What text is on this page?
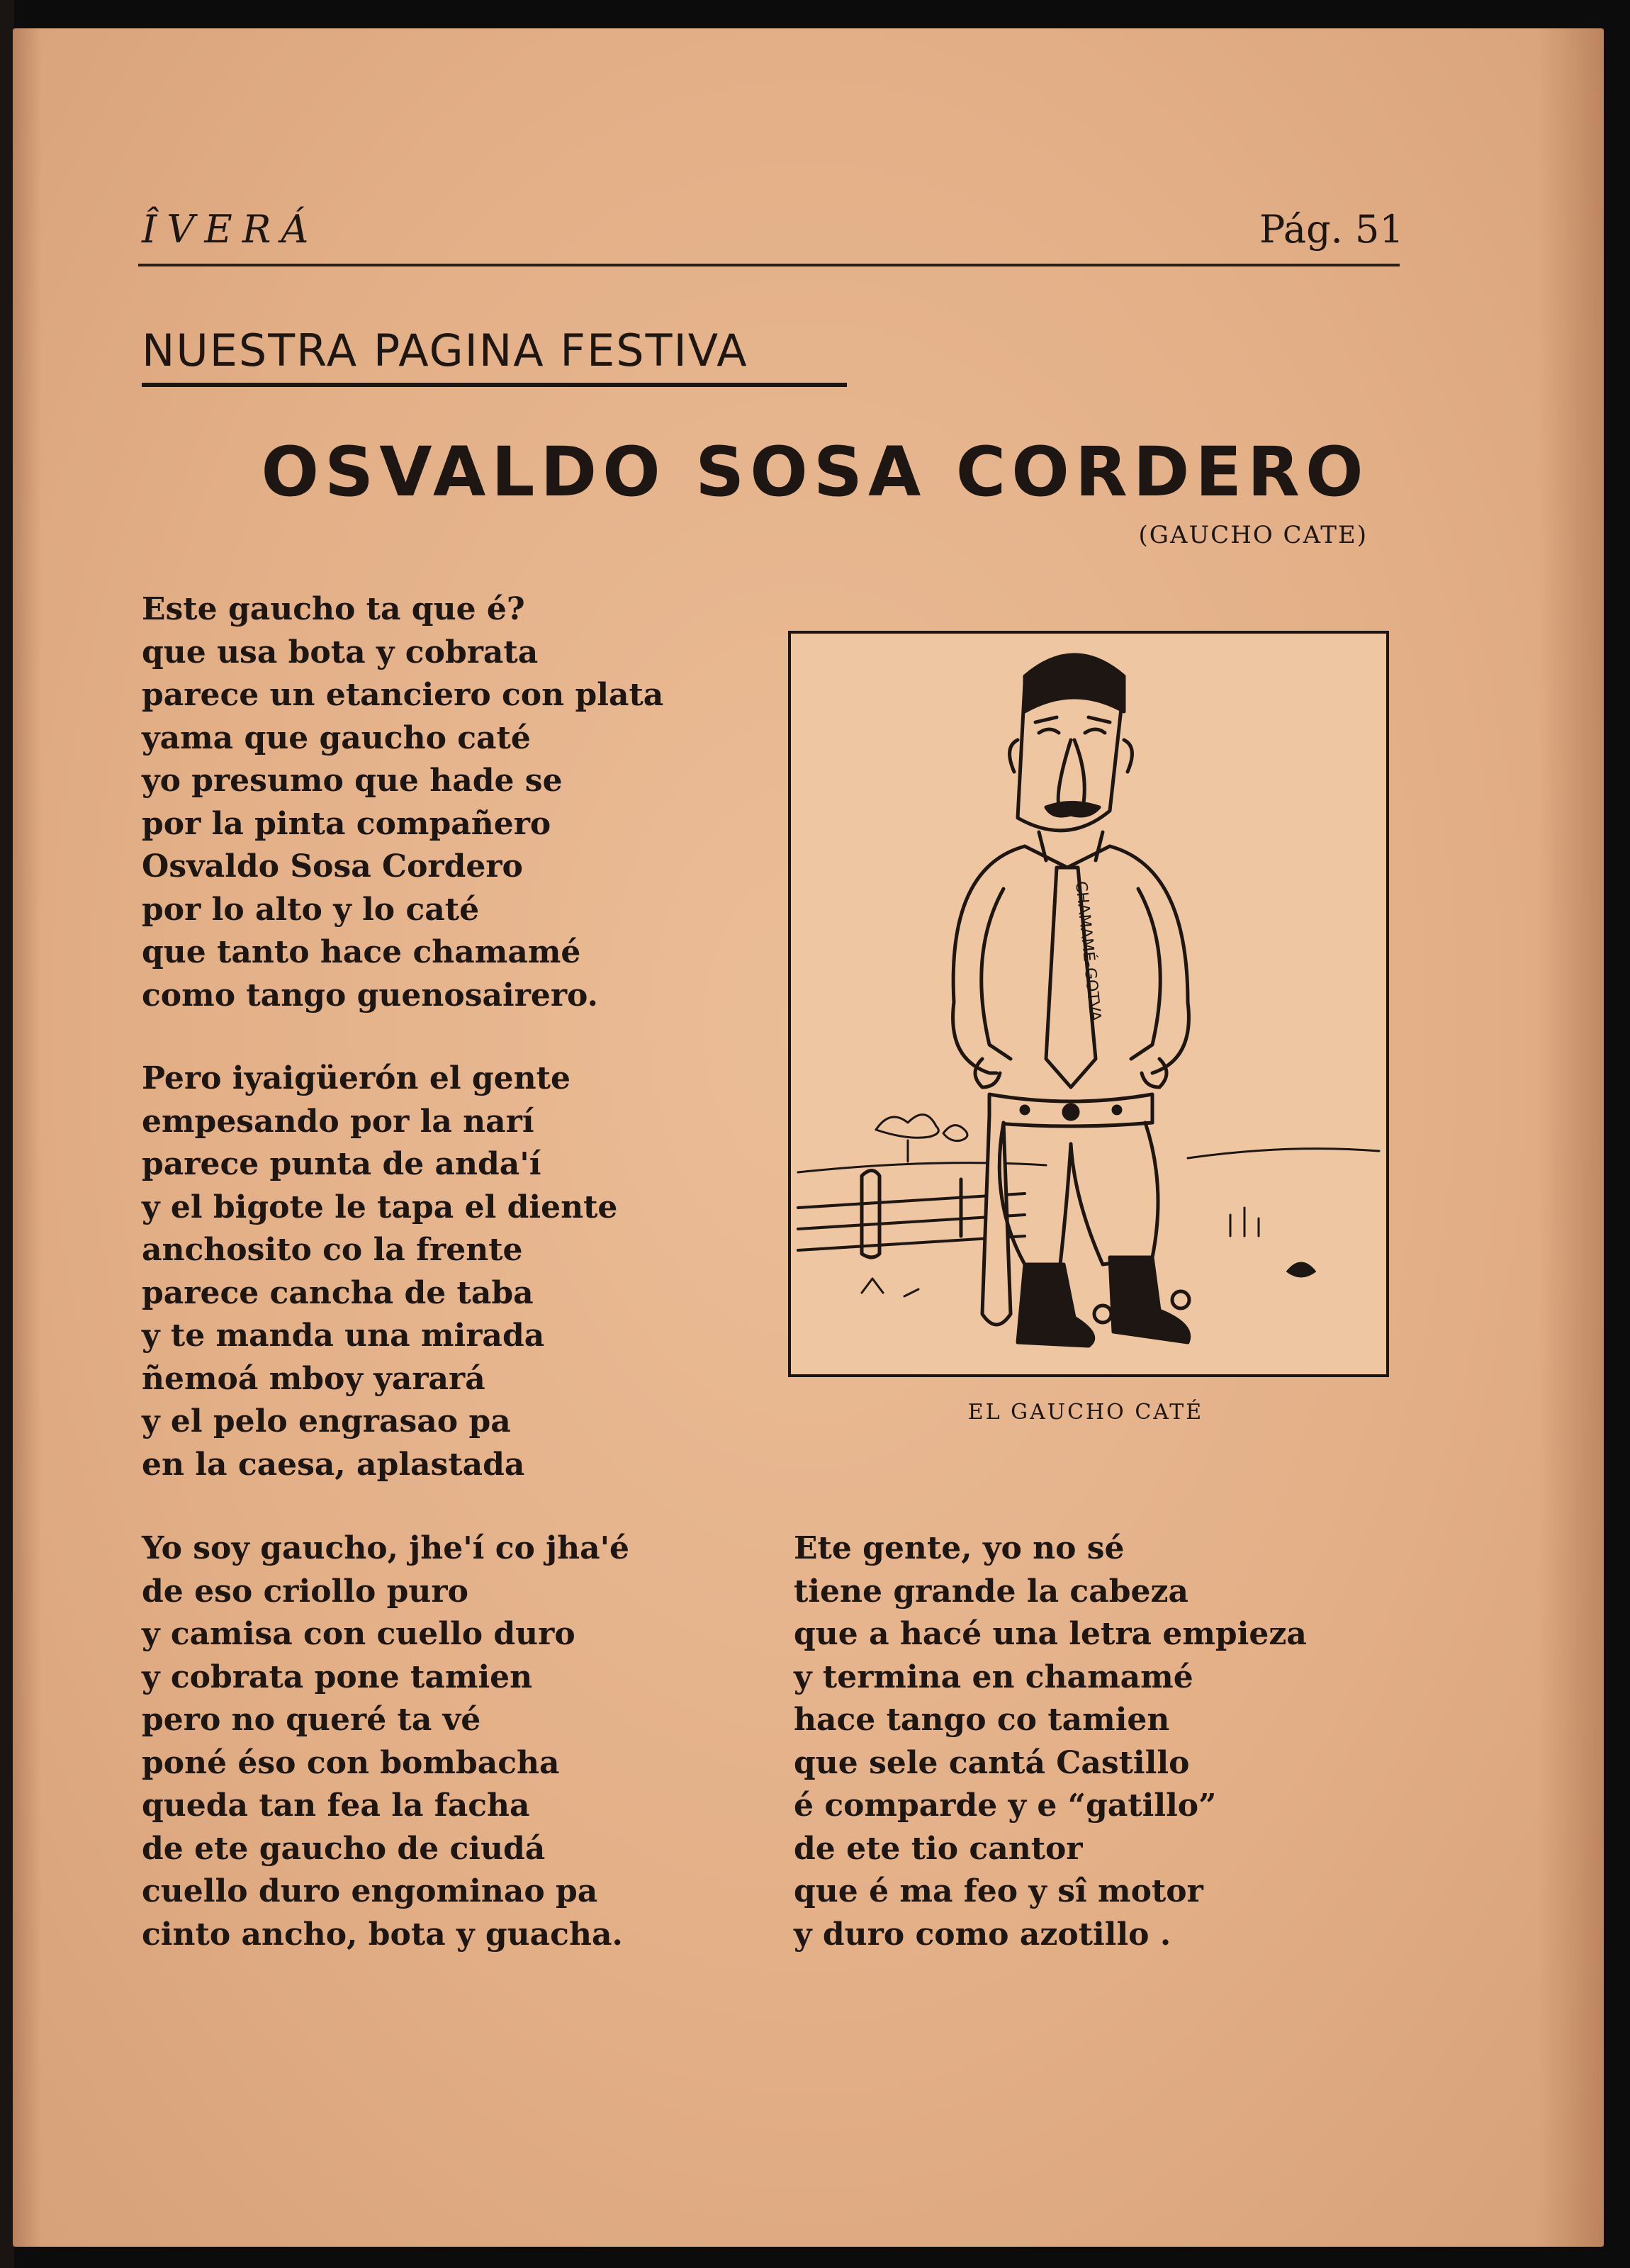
ÎVERÁ	Pág. 51
NUESTRA PAGINA FESTIVA
OSVALDO SOSA CORDERO
(GAUCHO CATE)
Este gaucho ta que é?
que usa bota y cobrata
parece un etanciero con plata
yama que gaucho caté
yo presumo que hade se
por la pinta compañero
Osvaldo Sosa Cordero
por lo alto y lo caté
que tanto hace chamamé
como tango guenosairero.
Pero iyaigüerón el gente
empesando por la narí
parece punta de anda'í
y el bigote le tapa el diente
anchosito co la frente
parece cancha de taba
y te manda una mirada
ñemoá mboy yarará
y el pelo engrasao pa
en la caesa, aplastada
Yo soy gaucho, jhe'í co jha'é
de eso criollo puro
y camisa con cuello duro
y cobrata pone tamien
pero no queré ta vé
poné éso con bombacha
queda tan fea la facha
de ete gaucho de ciudá
cuello duro engominao pa
cinto ancho, bota y guacha.
Ete gente, yo no sé
tiene grande la cabeza
que a hacé una letra empieza
y termina en chamamé
hace tango co tamien
que sele cantá Castillo
é comparde y e “gatillo”
de ete tio cantor
que é ma feo y sî motor
y duro como azotillo .
CHAMAMÉ-GOTVA
EL GAUCHO CATÉ
